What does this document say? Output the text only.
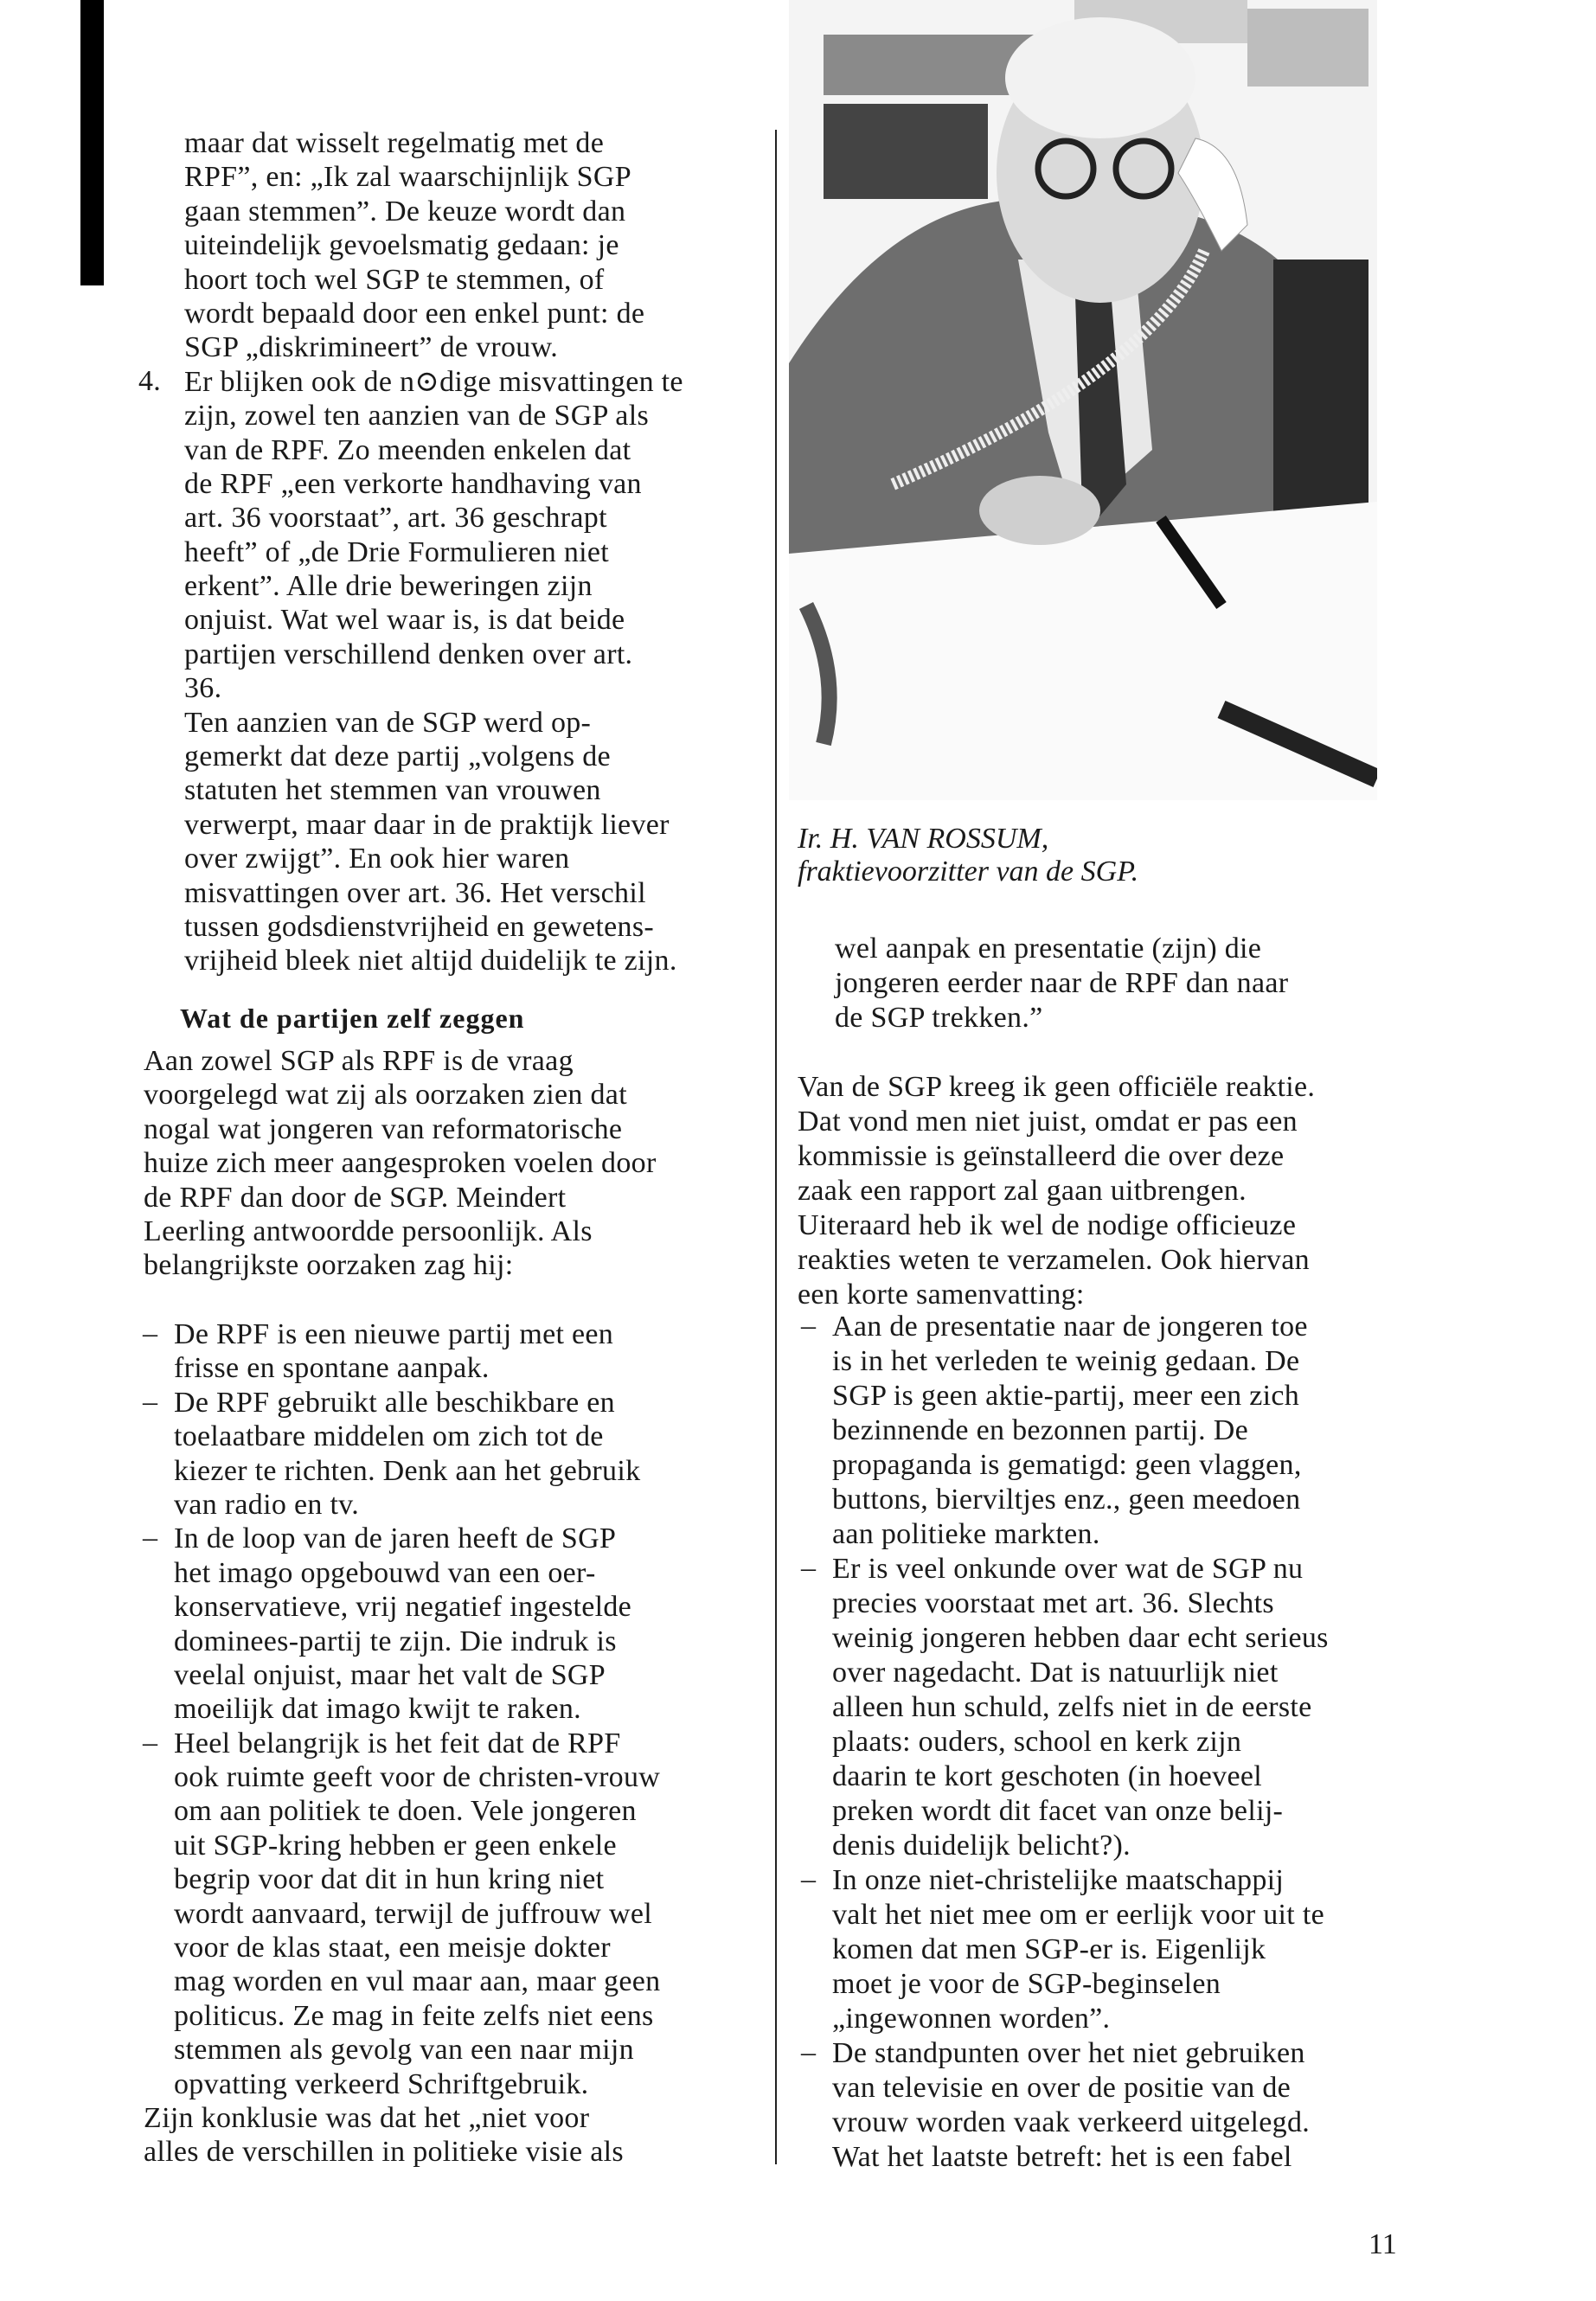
maar dat wisselt regelmatig met de
RPF”, en: „Ik zal waarschijnlijk SGP
gaan stemmen”. De keuze wordt dan
uiteindelijk gevoelsmatig gedaan: je
hoort toch wel SGP te stemmen, of
wordt bepaald door een enkel punt: de
SGP „diskrimineert” de vrouw.
4. Er blijken ook de n⊙dige misvattingen te
zijn, zowel ten aanzien van de SGP als
van de RPF. Zo meenden enkelen dat
de RPF „een verkorte handhaving van
art. 36 voorstaat”, art. 36 geschrapt
heeft” of „de Drie Formulieren niet
erkent”. Alle drie beweringen zijn
onjuist. Wat wel waar is, is dat beide
partijen verschillend denken over art.
36.
Ten aanzien van de SGP werd op-
gemerkt dat deze partij „volgens de
statuten het stemmen van vrouwen
verwerpt, maar daar in de praktijk liever
over zwijgt”. En ook hier waren
misvattingen over art. 36. Het verschil
tussen godsdienstvrijheid en gewetens-
vrijheid bleek niet altijd duidelijk te zijn.
Wat de partijen zelf zeggen
Aan zowel SGP als RPF is de vraag
voorgelegd wat zij als oorzaken zien dat
nogal wat jongeren van reformatorische
huize zich meer aangesproken voelen door
de RPF dan door de SGP. Meindert
Leerling antwoordde persoonlijk. Als
belangrijkste oorzaken zag hij:
– De RPF is een nieuwe partij met een
frisse en spontane aanpak.
– De RPF gebruikt alle beschikbare en
toelaatbare middelen om zich tot de
kiezer te richten. Denk aan het gebruik
van radio en tv.
– In de loop van de jaren heeft de SGP
het imago opgebouwd van een oer-
konservatieve, vrij negatief ingestelde
dominees-partij te zijn. Die indruk is
veelal onjuist, maar het valt de SGP
moeilijk dat imago kwijt te raken.
– Heel belangrijk is het feit dat de RPF
ook ruimte geeft voor de christen-vrouw
om aan politiek te doen. Vele jongeren
uit SGP-kring hebben er geen enkele
begrip voor dat dit in hun kring niet
wordt aanvaard, terwijl de juffrouw wel
voor de klas staat, een meisje dokter
mag worden en vul maar aan, maar geen
politicus. Ze mag in feite zelfs niet eens
stemmen als gevolg van een naar mijn
opvatting verkeerd Schriftgebruik.
Zijn konklusie was dat het „niet voor
alles de verschillen in politieke visie als
Ir. H. VAN ROSSUM,
fraktievoorzitter van de SGP.
wel aanpak en presentatie (zijn) die
jongeren eerder naar de RPF dan naar
de SGP trekken.”
Van de SGP kreeg ik geen officiële reaktie.
Dat vond men niet juist, omdat er pas een
kommissie is geïnstalleerd die over deze
zaak een rapport zal gaan uitbrengen.
Uiteraard heb ik wel de nodige officieuze
reakties weten te verzamelen. Ook hiervan
een korte samenvatting:
– Aan de presentatie naar de jongeren toe
is in het verleden te weinig gedaan. De
SGP is geen aktie-partij, meer een zich
bezinnende en bezonnen partij. De
propaganda is gematigd: geen vlaggen,
buttons, bierviltjes enz., geen meedoen
aan politieke markten.
– Er is veel onkunde over wat de SGP nu
precies voorstaat met art. 36. Slechts
weinig jongeren hebben daar echt serieus
over nagedacht. Dat is natuurlijk niet
alleen hun schuld, zelfs niet in de eerste
plaats: ouders, school en kerk zijn
daarin te kort geschoten (in hoeveel
preken wordt dit facet van onze belij-
denis duidelijk belicht?).
– In onze niet-christelijke maatschappij
valt het niet mee om er eerlijk voor uit te
komen dat men SGP-er is. Eigenlijk
moet je voor de SGP-beginselen
„ingewonnen worden”.
– De standpunten over het niet gebruiken
van televisie en over de positie van de
vrouw worden vaak verkeerd uitgelegd.
Wat het laatste betreft: het is een fabel
11
